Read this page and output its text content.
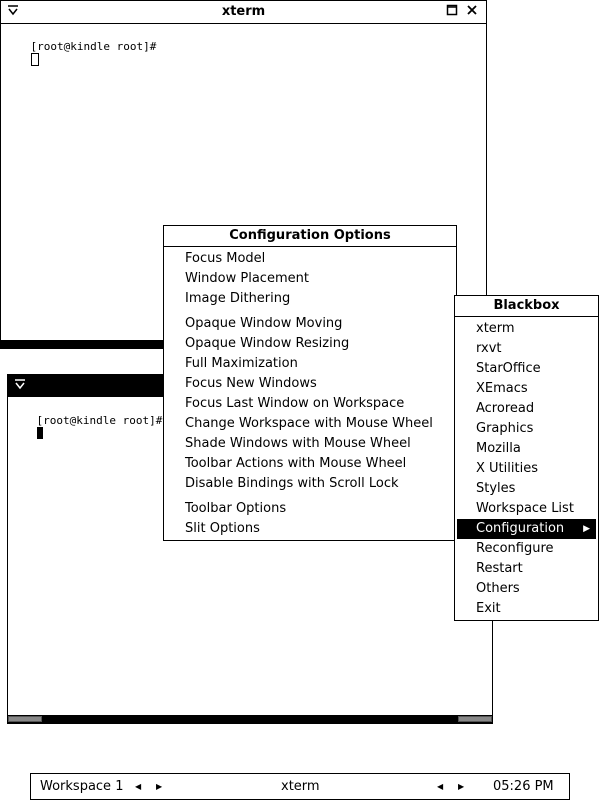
xterm

[root@kindle root]#

[root@kindle root]#

Configuration Options
Focus Model
Window Placement
Image Dithering
Opaque Window Moving
Opaque Window Resizing
Full Maximization
Focus New Windows
Focus Last Window on Workspace
Change Workspace with Mouse Wheel
Shade Windows with Mouse Wheel
Toolbar Actions with Mouse Wheel
Disable Bindings with Scroll Lock
Toolbar Options
Slit Options
Blackbox
xterm
rxvt
StarOffice
XEmacs
Acroread
Graphics
Mozilla
X Utilities
Styles
Workspace List
Configuration ▶
Reconfigure
Restart
Others
Exit
Workspace 1 ◀ ▶	xterm	◀ ▶ 05:26 PM
